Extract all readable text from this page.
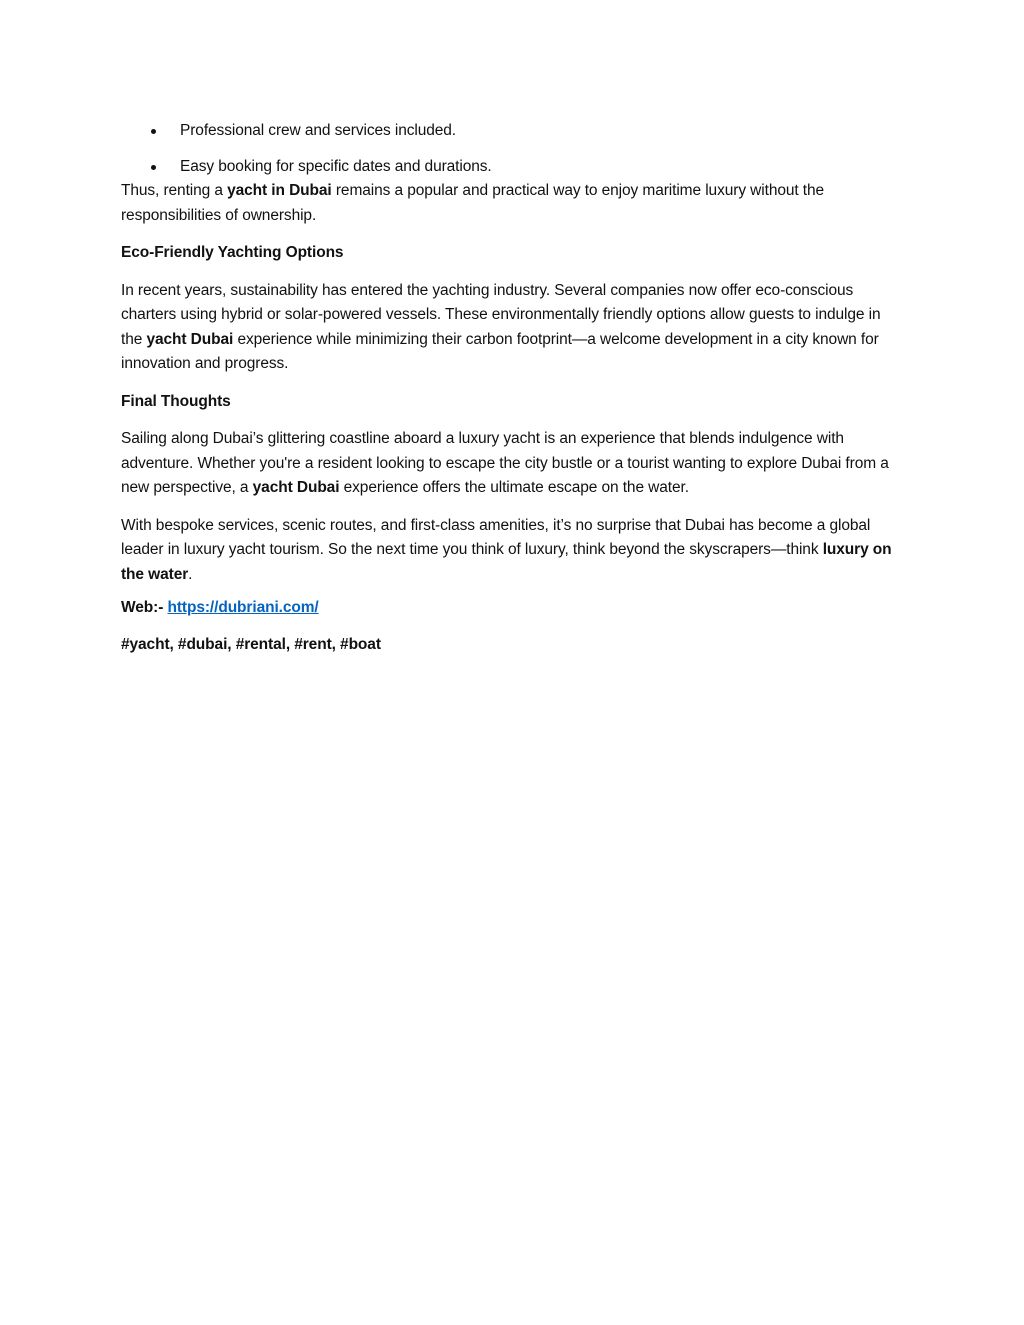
Professional crew and services included.
Easy booking for specific dates and durations.

Thus, renting a yacht in Dubai remains a popular and practical way to enjoy maritime luxury without the responsibilities of ownership.

Eco-Friendly Yachting Options

In recent years, sustainability has entered the yachting industry. Several companies now offer eco-conscious charters using hybrid or solar-powered vessels. These environmentally friendly options allow guests to indulge in the yacht Dubai experience while minimizing their carbon footprint—a welcome development in a city known for innovation and progress.

Final Thoughts

Sailing along Dubai’s glittering coastline aboard a luxury yacht is an experience that blends indulgence with adventure. Whether you're a resident looking to escape the city bustle or a tourist wanting to explore Dubai from a new perspective, a yacht Dubai experience offers the ultimate escape on the water.

With bespoke services, scenic routes, and first-class amenities, it’s no surprise that Dubai has become a global leader in luxury yacht tourism. So the next time you think of luxury, think beyond the skyscrapers—think luxury on the water.

Web:- https://dubriani.com/
#yacht, #dubai, #rental, #rent, #boat
